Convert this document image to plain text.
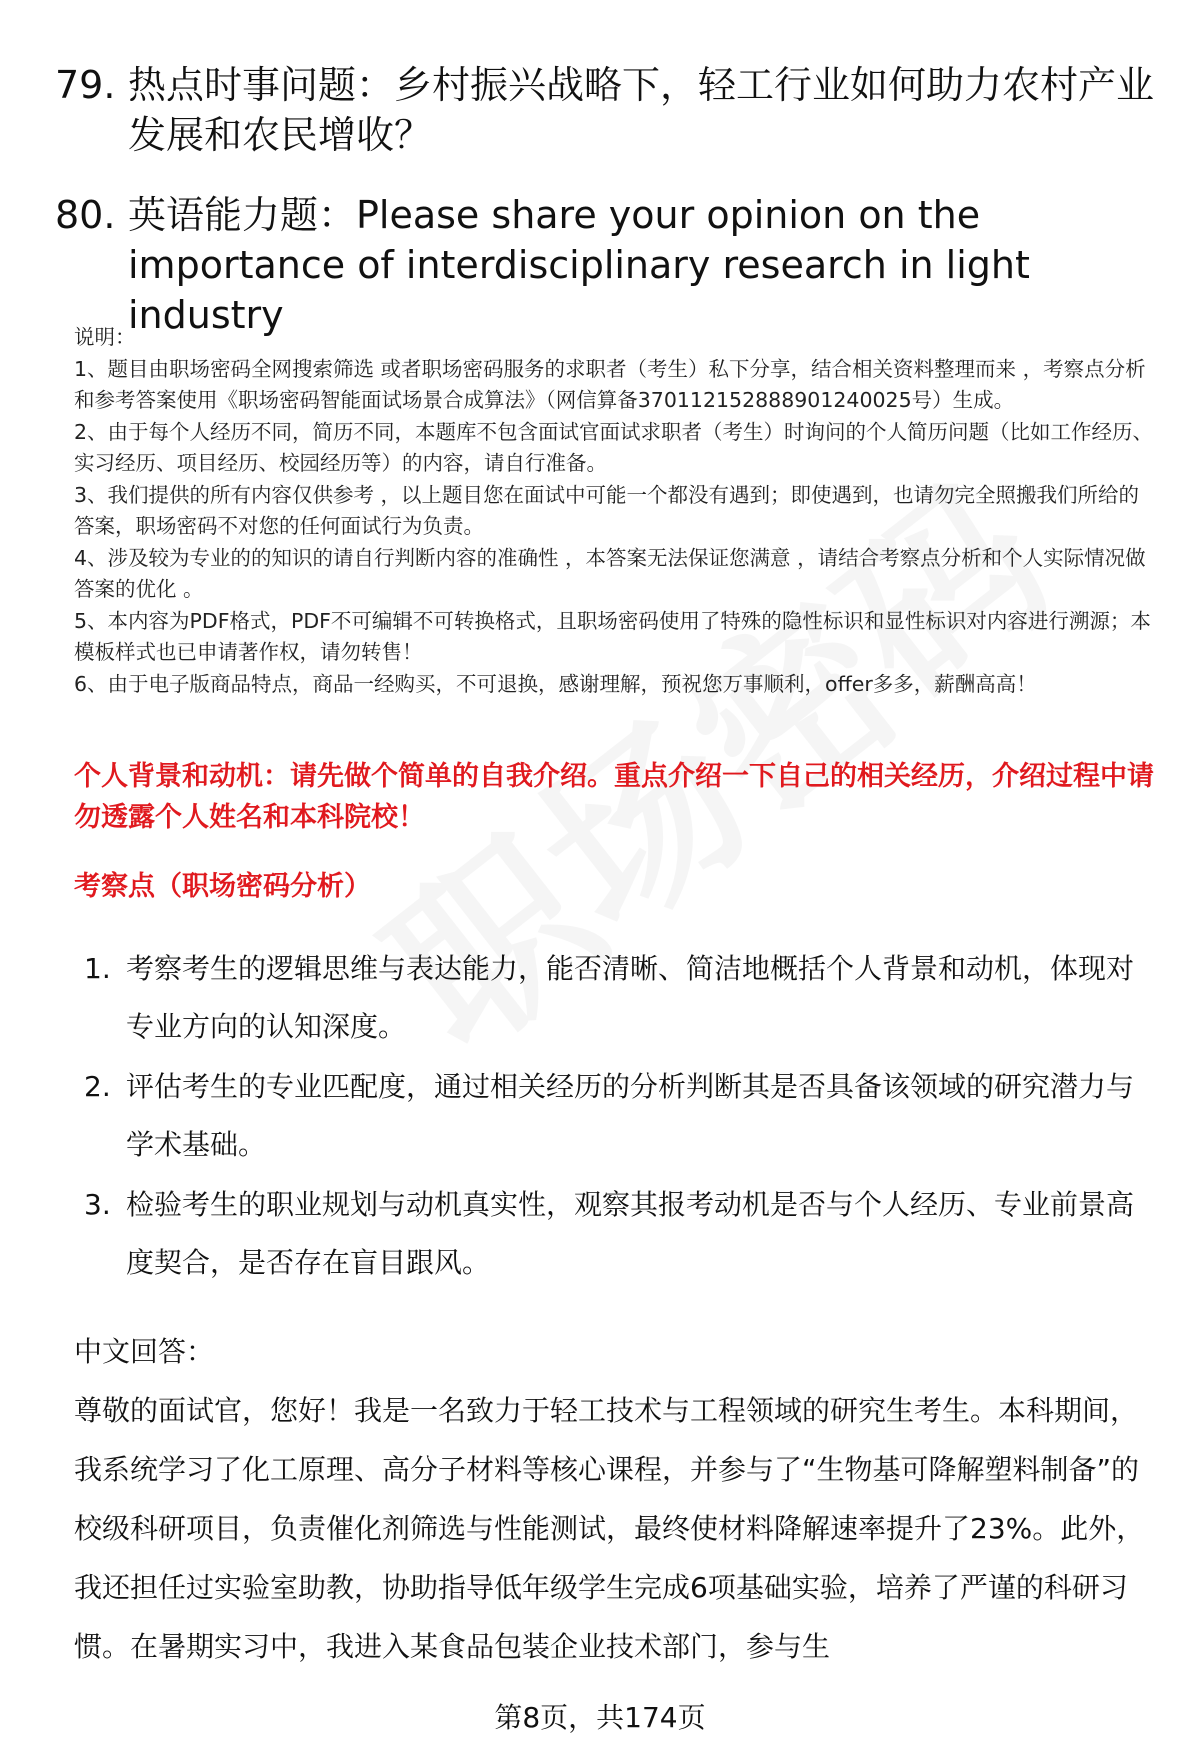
79. 热点时事问题：乡村振兴战略下，轻工行业如何助力农村产业发展和农民增收？
80. 英语能力题：Please share your opinion on the importance of interdisciplinary research in light industry

说明：

1、题目由职场密码全网搜索筛选 或者职场密码服务的求职者（考生）私下分享，结合相关资料整理而来 ，考察点分析和参考答案使用《职场密码智能面试场景合成算法》（网信算备370112152888901240025号）生成。

2、由于每个人经历不同，简历不同，本题库不包含面试官面试求职者（考生）时询问的个人简历问题（比如工作经历、实习经历、项目经历、校园经历等）的内容，请自行准备。

3、我们提供的所有内容仅供参考 ，以上题目您在面试中可能一个都没有遇到；即使遇到，也请勿完全照搬我们所给的答案，职场密码不对您的任何面试行为负责。

4、涉及较为专业的的知识的请自行判断内容的准确性 ，本答案无法保证您满意 ，请结合考察点分析和个人实际情况做答案的优化 。

5、本内容为PDF格式，PDF不可编辑不可转换格式，且职场密码使用了特殊的隐性标识和显性标识对内容进行溯源；本模板样式也已申请著作权，请勿转售！

6、由于电子版商品特点，商品一经购买，不可退换，感谢理解，预祝您万事顺利，offer多多，薪酬高高！

个人背景和动机：请先做个简单的自我介绍。重点介绍一下自己的相关经历，介绍过程中请勿透露个人姓名和本科院校！
考察点（职场密码分析）
1. 考察考生的逻辑思维与表达能力，能否清晰、简洁地概括个人背景和动机，体现对专业方向的认知深度。
2. 评估考生的专业匹配度，通过相关经历的分析判断其是否具备该领域的研究潜力与学术基础。
3. 检验考生的职业规划与动机真实性，观察其报考动机是否与个人经历、专业前景高度契合，是否存在盲目跟风。

中文回答：

尊敬的面试官，您好！我是一名致力于轻工技术与工程领域的研究生考生。本科期间，我系统学习了化工原理、高分子材料等核心课程，并参与了“生物基可降解塑料制备”的校级科研项目，负责催化剂筛选与性能测试，最终使材料降解速率提升了23%。此外，我还担任过实验室助教，协助指导低年级学生完成6项基础实验，培养了严谨的科研习惯。在暑期实习中，我进入某食品包装企业技术部门，参与生

第8页，共174页
